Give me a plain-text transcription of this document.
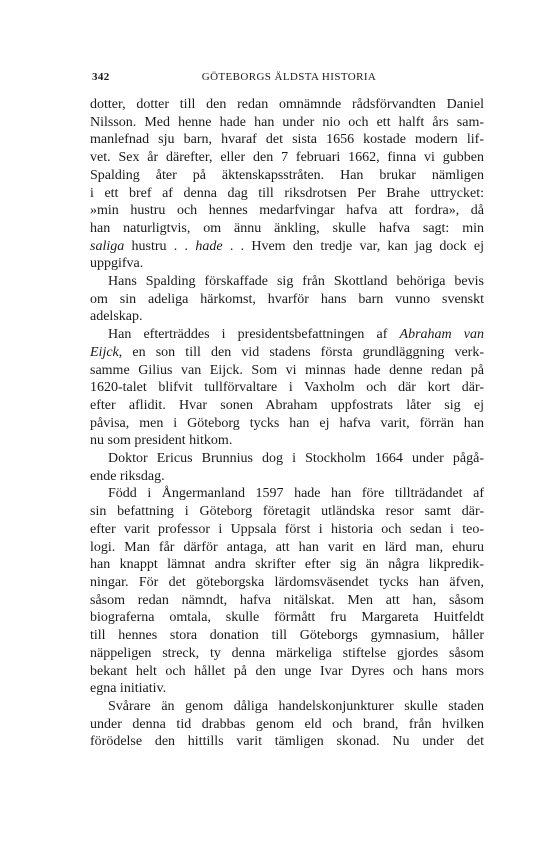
342	GÖTEBORGS ÄLDSTA HISTORIA

dotter, dotter till den redan omnämnde rådsförvandten Daniel

Nilsson. Med henne hade han under nio och ett halft års sam-

manlefnad sju barn, hvaraf det sista 1656 kostade modern lif-

vet. Sex år därefter, eller den 7 februari 1662, finna vi gubben

Spalding åter på äktenskapsstråten. Han brukar nämligen

i ett bref af denna dag till riksdrotsen Per Brahe uttrycket:

»min hustru och hennes medarfvingar hafva att fordra», då

han naturligtvis, om ännu änkling, skulle hafva sagt: min

saliga hustru . . hade . . Hvem den tredje var, kan jag dock ej

uppgifva.

Hans Spalding förskaffade sig från Skottland behöriga bevis

om sin adeliga härkomst, hvarför hans barn vunno svenskt

adelskap.

Han efterträddes i presidentsbefattningen af Abraham van

Eijck, en son till den vid stadens första grundläggning verk-

samme Gilius van Eijck. Som vi minnas hade denne redan på

1620-talet blifvit tullförvaltare i Vaxholm och där kort där-

efter aflidit. Hvar sonen Abraham uppfostrats låter sig ej

påvisa, men i Göteborg tycks han ej hafva varit, förrän han

nu som president hitkom.

Doktor Ericus Brunnius dog i Stockholm 1664 under pågå-

ende riksdag.

Född i Ångermanland 1597 hade han före tillträdandet af

sin befattning i Göteborg företagit utländska resor samt där-

efter varit professor i Uppsala först i historia och sedan i teo-

logi. Man får därför antaga, att han varit en lärd man, ehuru

han knappt lämnat andra skrifter efter sig än några likpredik-

ningar. För det göteborgska lärdomsväsendet tycks han äfven,

såsom redan nämndt, hafva nitälskat. Men att han, såsom

biograferna omtala, skulle förmått fru Margareta Huitfeldt

till hennes stora donation till Göteborgs gymnasium, håller

näppeligen streck, ty denna märkeliga stiftelse gjordes såsom

bekant helt och hållet på den unge Ivar Dyres och hans mors

egna initiativ.

Svårare än genom dåliga handelskonjunkturer skulle staden

under denna tid drabbas genom eld och brand, från hvilken

förödelse den hittills varit tämligen skonad. Nu under det
